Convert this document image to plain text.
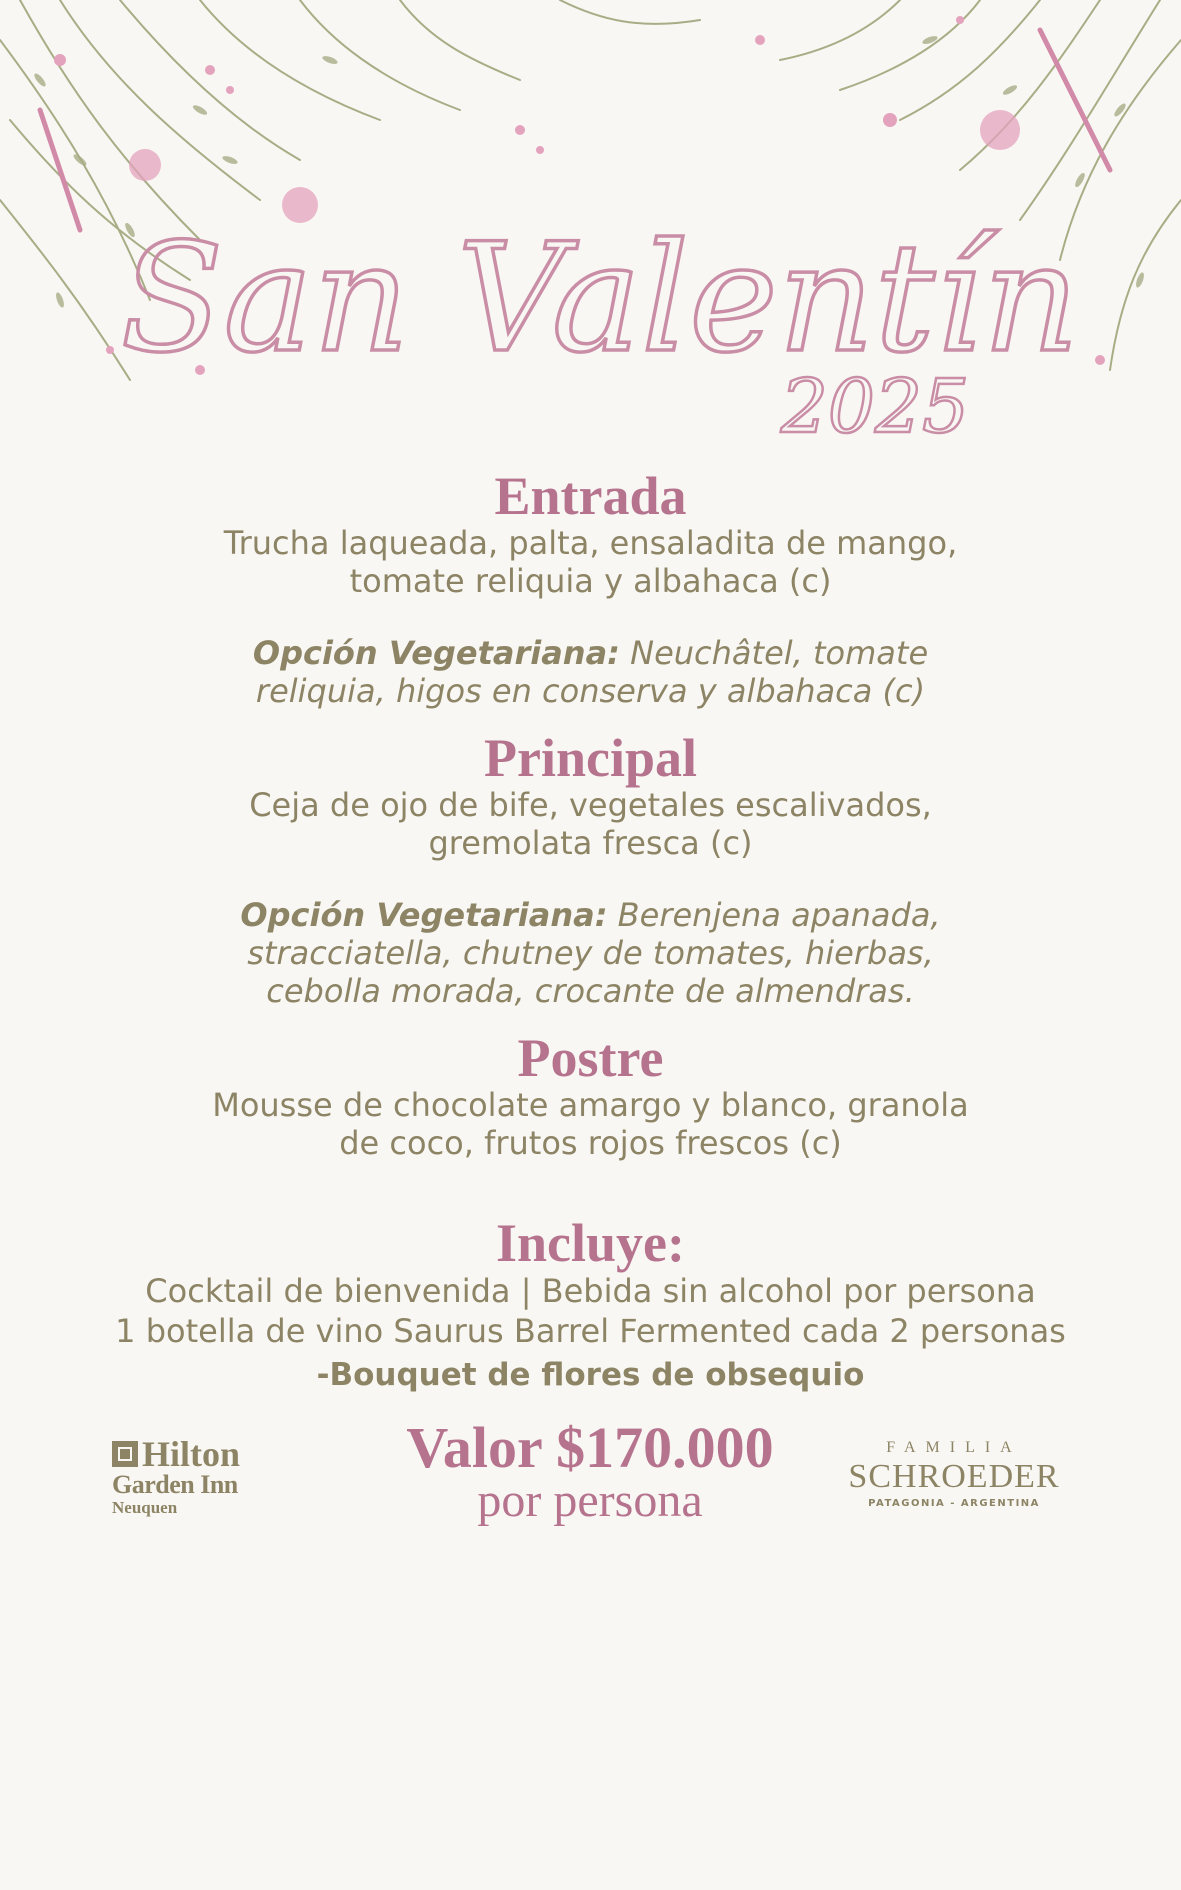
San Valentín
2025
Entrada

Trucha laqueada, palta, ensaladita de mango,

tomate reliquia y albahaca (c)

Opción Vegetariana: Neuchâtel, tomate

reliquia, higos en conserva y albahaca (c)

Principal

Ceja de ojo de bife, vegetales escalivados,

gremolata fresca (c)

Opción Vegetariana: Berenjena apanada,

stracciatella, chutney de tomates, hierbas,

cebolla morada, crocante de almendras.

Postre

Mousse de chocolate amargo y blanco, granola

de coco, frutos rojos frescos (c)

Incluye:

Cocktail de bienvenida | Bebida sin alcohol por persona

1 botella de vino Saurus Barrel Fermented cada 2 personas

-Bouquet de flores de obsequio

Hilton
Garden Inn
Neuquen
Valor $170.000
por persona
FAMILIA
SCHROEDER
PATAGONIA - ARGENTINA
